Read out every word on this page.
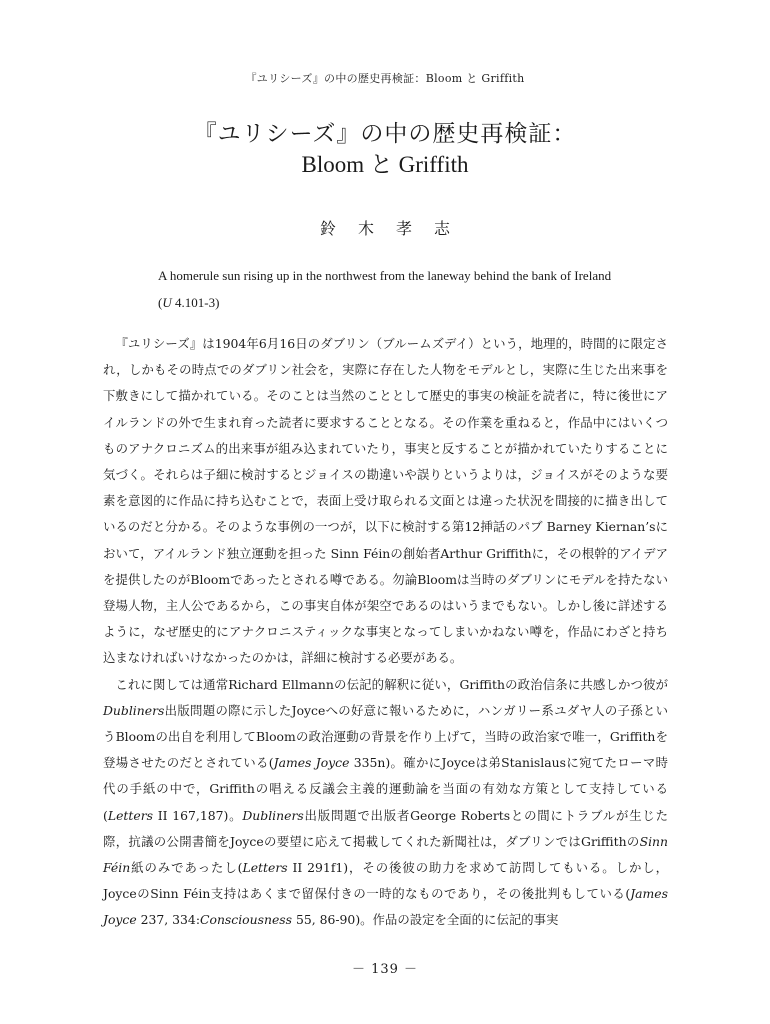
『ユリシーズ』の中の歴史再検証：Bloom と Griffith
『ユリシーズ』の中の歴史再検証：
Bloom と Griffith
鈴木孝志
A homerule sun rising up in the northwest from the laneway behind the bank of Ireland (U 4.101-3)

『ユリシーズ』は1904年6月16日のダブリン（ブルームズデイ）という，地理的，時間的に限定され，しかもその時点でのダブリン社会を，実際に存在した人物をモデルとし，実際に生じた出来事を下敷きにして描かれている。そのことは当然のこととして歴史的事実の検証を読者に，特に後世にアイルランドの外で生まれ育った読者に要求することとなる。その作業を重ねると，作品中にはいくつものアナクロニズム的出来事が組み込まれていたり，事実と反することが描かれていたりすることに気づく。それらは子細に検討するとジョイスの勘違いや誤りというよりは，ジョイスがそのような要素を意図的に作品に持ち込むことで，表面上受け取られる文面とは違った状況を間接的に描き出しているのだと分かる。そのような事例の一つが，以下に検討する第12挿話のパブ Barney Kiernan’sにおいて，アイルランド独立運動を担った Sinn Féinの創始者Arthur Griffithに，その根幹的アイデアを提供したのがBloomであったとされる噂である。勿論Bloomは当時のダブリンにモデルを持たない登場人物，主人公であるから，この事実自体が架空であるのはいうまでもない。しかし後に詳述するように，なぜ歴史的にアナクロニスティックな事実となってしまいかねない噂を，作品にわざと持ち込まなければいけなかったのかは，詳細に検討する必要がある。

これに関しては通常Richard Ellmannの伝記的解釈に従い，Griffithの政治信条に共感しかつ彼がDubliners出版問題の際に示したJoyceへの好意に報いるために，ハンガリー系ユダヤ人の子孫というBloomの出自を利用してBloomの政治運動の背景を作り上げて，当時の政治家で唯一，Griffithを登場させたのだとされている(James Joyce 335n)。確かにJoyceは弟Stanislausに宛てたローマ時代の手紙の中で，Griffithの唱える反議会主義的運動論を当面の有効な方策として支持している(Letters II 167,187)。Dubliners出版問題で出版者George Robertsとの間にトラブルが生じた際，抗議の公開書簡をJoyceの要望に応えて掲載してくれた新聞社は，ダブリンではGriffithのSinn Féin紙のみであったし(Letters II 291f1)，その後彼の助力を求めて訪問してもいる。しかし，JoyceのSinn Féin支持はあくまで留保付きの一時的なものであり，その後批判もしている(James Joyce 237, 334:Consciousness 55, 86-90)。作品の設定を全面的に伝記的事実

－ 139 －
